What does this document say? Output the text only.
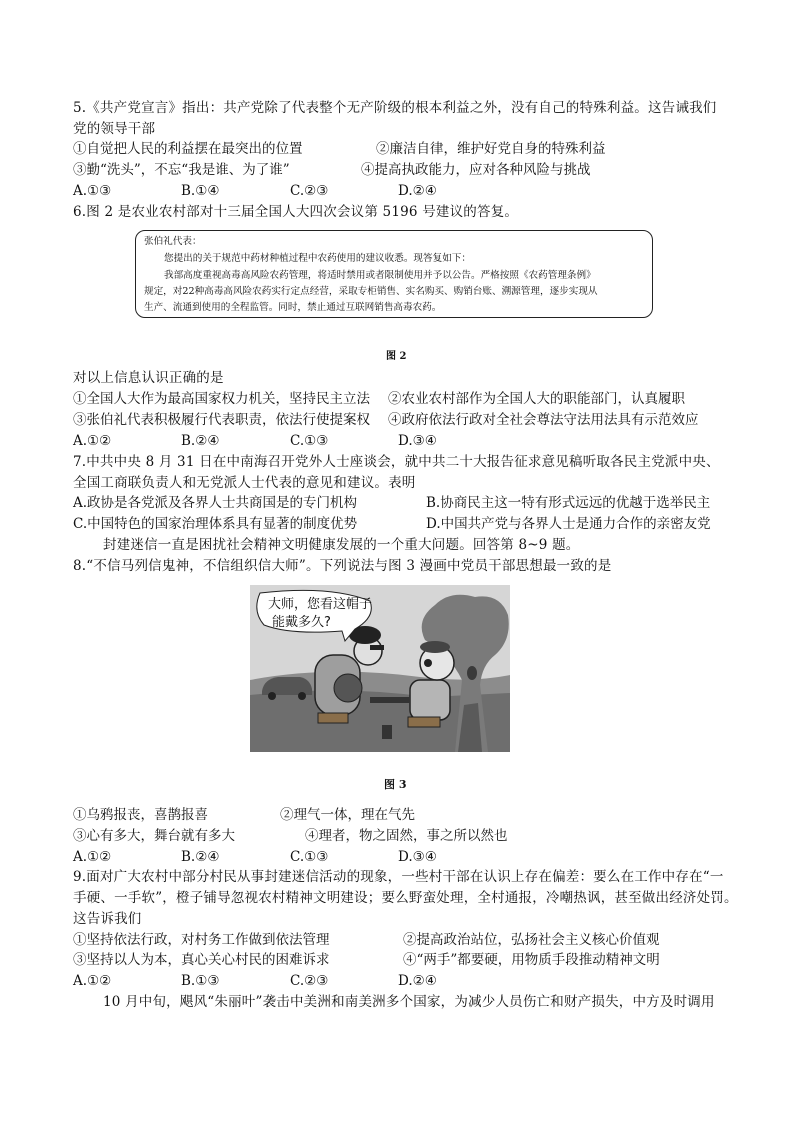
5.《共产党宣言》指出：共产党除了代表整个无产阶级的根本利益之外，没有自己的特殊利益。这告诫我们
党的领导干部
①自觉把人民的利益摆在最突出的位置	②廉洁自律，维护好党自身的特殊利益
③勤“洗头”，不忘“我是谁、为了谁”	④提高执政能力，应对各种风险与挑战
A.①③	B.①④	C.②③	D.②④
6.图 2 是农业农村部对十三届全国人大四次会议第 5196 号建议的答复。
张伯礼代表：
您提出的关于规范中药材种植过程中农药使用的建议收悉。现答复如下：
我部高度重视高毒高风险农药管理，将适时禁用或者限制使用并予以公告。严格按照《农药管理条例》
规定，对22种高毒高风险农药实行定点经营，采取专柜销售、实名购买、购销台账、溯源管理，逐步实现从
生产、流通到使用的全程监管。同时，禁止通过互联网销售高毒农药。
图 2
对以上信息认识正确的是
①全国人大作为最高国家权力机关，坚持民主立法 ②农业农村部作为全国人大的职能部门，认真履职
③张伯礼代表积极履行代表职责，依法行使提案权 ④政府依法行政对全社会尊法守法用法具有示范效应
A.①②	B.②④	C.①③	D.③④
7.中共中央 8 月 31 日在中南海召开党外人士座谈会，就中共二十大报告征求意见稿听取各民主党派中央、
全国工商联负责人和无党派人士代表的意见和建议。表明
A.政协是各党派及各界人士共商国是的专门机构	B.协商民主这一特有形式远远的优越于选举民主
C.中国特色的国家治理体系具有显著的制度优势	D.中国共产党与各界人士是通力合作的亲密友党
封建迷信一直是困扰社会精神文明健康发展的一个重大问题。回答第 8~9 题。
8.“不信马列信鬼神，不信组织信大师”。下列说法与图 3 漫画中党员干部思想最一致的是
大师，您看这帽子
能戴多久?
图 3
①乌鸦报丧，喜鹊报喜	②理气一体，理在气先
③心有多大，舞台就有多大	④理者，物之固然，事之所以然也
A.①②	B.②④	C.①③	D.③④
9.面对广大农村中部分村民从事封建迷信活动的现象，一些村干部在认识上存在偏差：要么在工作中存在“一
手硬、一手软”，橙子铺导忽视农村精神文明建设；要么野蛮处理，全村通报，冷嘲热讽，甚至做出经济处罚。
这告诉我们
①坚持依法行政，对村务工作做到依法管理	②提高政治站位，弘扬社会主义核心价值观
③坚持以人为本，真心关心村民的困难诉求	④“两手”都要硬，用物质手段推动精神文明
A.①②	B.①③	C.②③	D.②④
10 月中旬，飓风“朱丽叶”袭击中美洲和南美洲多个国家，为减少人员伤亡和财产损失，中方及时调用
